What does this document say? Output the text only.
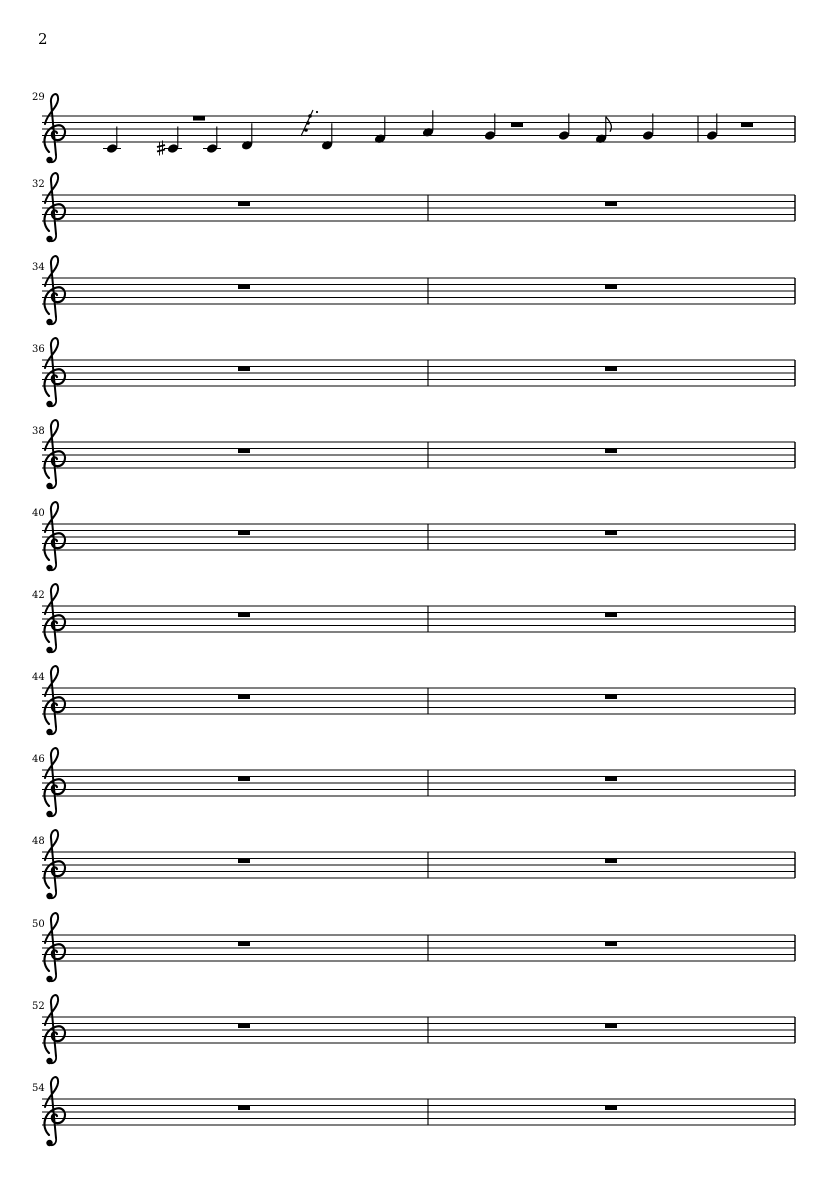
2
29
32
34
36
38
40
42
44
46
48
50
52
54
